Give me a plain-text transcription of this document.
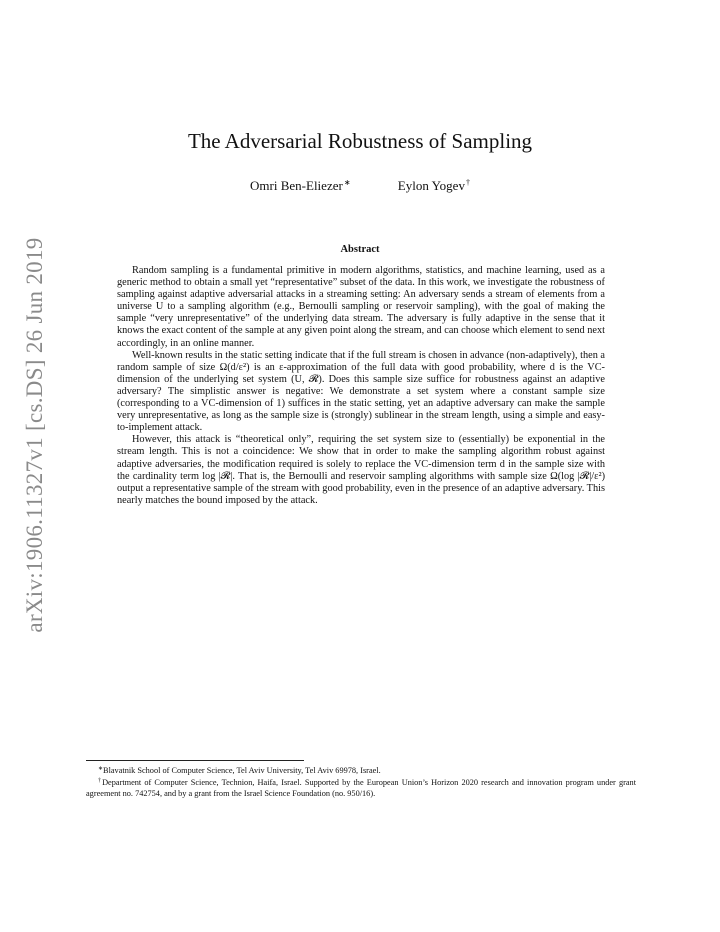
arXiv:1906.11327v1 [cs.DS] 26 Jun 2019
The Adversarial Robustness of Sampling
Omri Ben-Eliezer∗	Eylon Yogev†
Abstract

Random sampling is a fundamental primitive in modern algorithms, statistics, and machine learning, used as a generic method to obtain a small yet “representative” subset of the data. In this work, we investigate the robustness of sampling against adaptive adversarial attacks in a streaming setting: An adversary sends a stream of elements from a universe U to a sampling algorithm (e.g., Bernoulli sampling or reservoir sampling), with the goal of making the sample “very unrepresentative” of the underlying data stream. The adversary is fully adaptive in the sense that it knows the exact content of the sample at any given point along the stream, and can choose which element to send next accordingly, in an online manner.

Well-known results in the static setting indicate that if the full stream is chosen in advance (non-adaptively), then a random sample of size Ω(d/ε²) is an ε-approximation of the full data with good probability, where d is the VC-dimension of the underlying set system (U, 𝓡). Does this sample size suffice for robustness against an adaptive adversary? The simplistic answer is negative: We demonstrate a set system where a constant sample size (corresponding to a VC-dimension of 1) suffices in the static setting, yet an adaptive adversary can make the sample very unrepresentative, as long as the sample size is (strongly) sublinear in the stream length, using a simple and easy-to-implement attack.

However, this attack is “theoretical only”, requiring the set system size to (essentially) be exponential in the stream length. This is not a coincidence: We show that in order to make the sampling algorithm robust against adaptive adversaries, the modification required is solely to replace the VC-dimension term d in the sample size with the cardinality term log |𝓡|. That is, the Bernoulli and reservoir sampling algorithms with sample size Ω(log |𝓡|/ε²) output a representative sample of the stream with good probability, even in the presence of an adaptive adversary. This nearly matches the bound imposed by the attack.

∗Blavatnik School of Computer Science, Tel Aviv University, Tel Aviv 69978, Israel.

†Department of Computer Science, Technion, Haifa, Israel. Supported by the European Union’s Horizon 2020 research and innovation program under grant agreement no. 742754, and by a grant from the Israel Science Foundation (no. 950/16).
